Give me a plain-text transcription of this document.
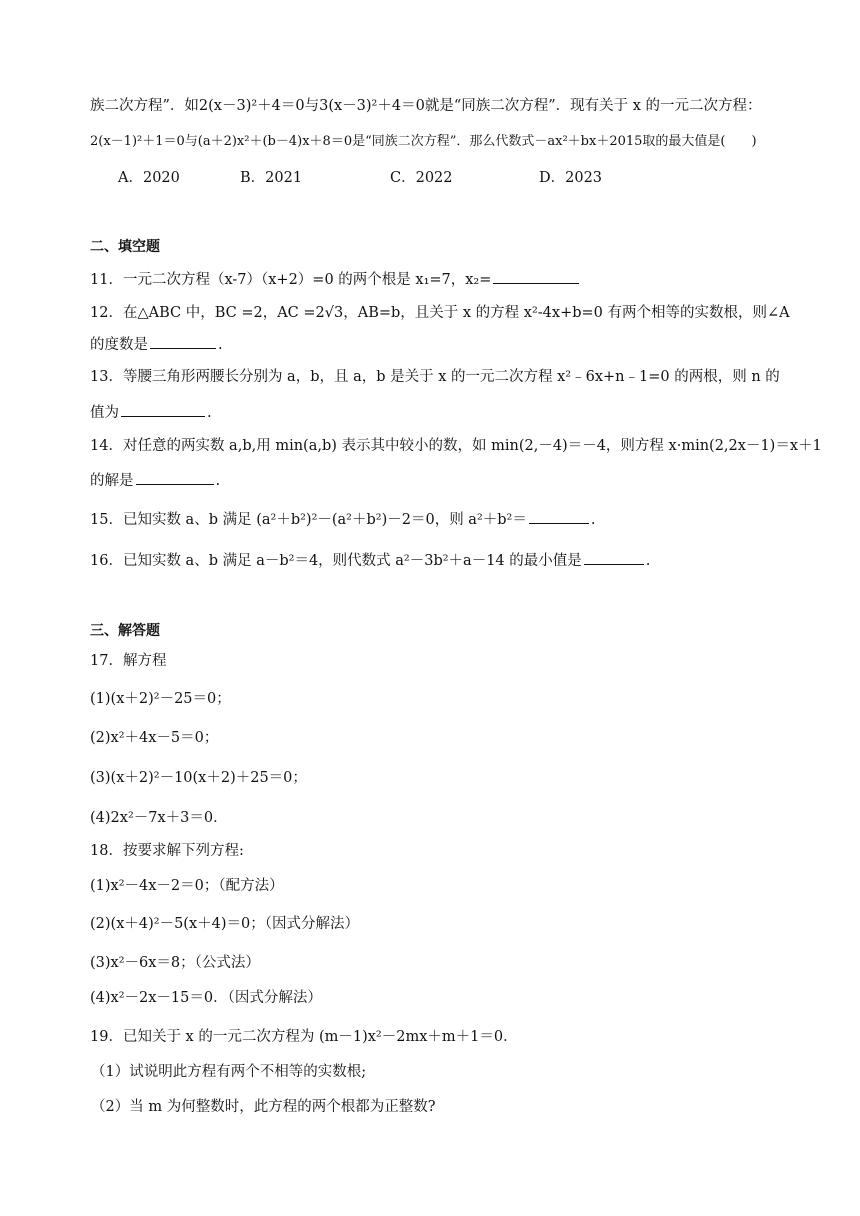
族二次方程”．如2(x－3)²＋4＝0与3(x－3)²＋4＝0就是“同族二次方程”．现有关于 x 的一元二次方程：
2(x－1)²＋1＝0与(a＋2)x²＋(b－4)x＋8＝0是“同族二次方程”．那么代数式－ax²＋bx＋2015取的最大值是(　　)
A．2020	B．2021	C．2022	D．2023
二、填空题
11．一元二次方程（x-7）（x+2）=0 的两个根是 x₁=7，x₂=
12．在△ABC 中，BC =2，AC =2√3，AB=b，且关于 x 的方程 x²-4x+b=0 有两个相等的实数根，则∠A
的度数是	.
13．等腰三角形两腰长分别为 a，b，且 a，b 是关于 x 的一元二次方程 x²﹣6x+n﹣1=0 的两根，则 n 的
值为	.
14．对任意的两实数 a,b,用 min(a,b) 表示其中较小的数，如 min(2,－4)＝－4，则方程 x·min(2,2x－1)＝x＋1
的解是	.
15．已知实数 a、b 满足 (a²＋b²)²－(a²＋b²)－2＝0，则 a²＋b²＝	.
16．已知实数 a、b 满足 a－b²＝4，则代数式 a²－3b²＋a－14 的最小值是	.
三、解答题
17．解方程
(1)(x＋2)²－25＝0；
(2)x²＋4x－5＝0；
(3)(x＋2)²－10(x＋2)＋25＝0；
(4)2x²－7x＋3＝0．
18．按要求解下列方程:
(1)x²－4x－2＝0；（配方法）
(2)(x＋4)²－5(x＋4)＝0；（因式分解法）
(3)x²－6x＝8；（公式法）
(4)x²－2x－15＝0．（因式分解法）
19．已知关于 x 的一元二次方程为 (m－1)x²－2mx＋m＋1＝0．
（1）试说明此方程有两个不相等的实数根;
（2）当 m 为何整数时，此方程的两个根都为正整数?
